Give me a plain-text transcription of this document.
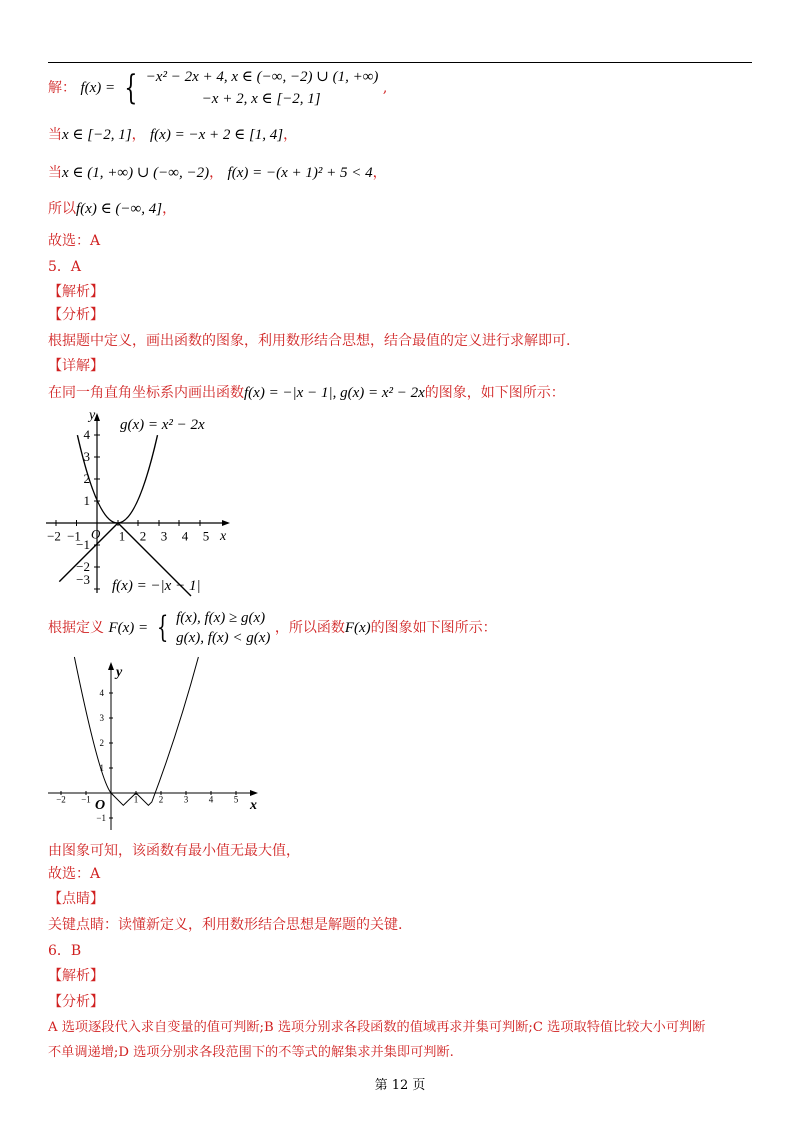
解： f(x) = { −x² − 2x + 4, x ∈ (−∞, −2) ∪ (1, +∞)
−x + 2, x ∈ [−2, 1]
,
当x ∈ [−2, 1]， f(x) = −x + 2 ∈ [1, 4]，
当x ∈ (1, +∞) ∪ (−∞, −2)， f(x) = −(x + 1)² + 5 < 4，
所以f(x) ∈ (−∞, 4]，
故选：A
5．A
【解析】
【分析】
根据题中定义，画出函数的图象，利用数形结合思想，结合最值的定义进行求解即可.
【详解】
在同一角直角坐标系内画出函数f(x) = −|x − 1|, g(x) = x² − 2x的图象，如下图所示：
−2 −1	1 2 3 4 5
4
3
2
1
−1
−2
−3
O	x
y
g(x) = x² − 2x
f(x) = −|x − 1|
根据定义 F(x) = { f(x), f(x) ≥ g(x)
g(x), f(x) < g(x)
，所以函数F(x)的图象如下图所示：
−2 −1	1 2 3 4 5
4
3
2
1
−1
O	x
y
由图象可知，该函数有最小值无最大值，
故选：A
【点睛】
关键点睛：读懂新定义，利用数形结合思想是解题的关键.
6．B
【解析】
【分析】
A 选项逐段代入求自变量的值可判断;B 选项分别求各段函数的值域再求并集可判断;C 选项取特值比较大小可判断
不单调递增;D 选项分别求各段范围下的不等式的解集求并集即可判断.
第 12 页
